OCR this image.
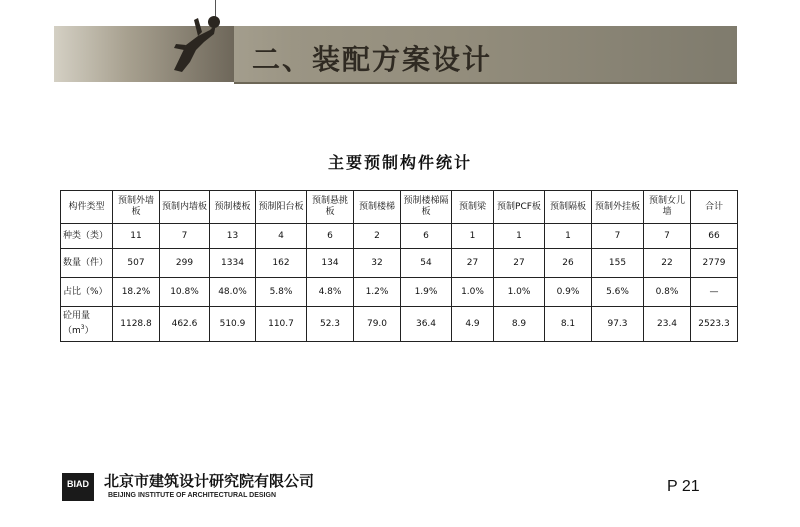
二、装配方案设计
主要预制构件统计
构件类型	预制外墙板	预制内墙板	预制楼板	预制阳台板	预制悬挑板	预制楼梯	预制楼梯隔板	预制梁	预制PCF板	预制隔板	预制外挂板	预制女儿墙	合计
种类（类）	11	7	13	4	6	2	6	1	1	1	7	7	66
数量（件）	507	299	1334	162	134	32	54	27	27	26	155	22	2779
占比（%）	18.2%	10.8%	48.0%	5.8%	4.8%	1.2%	1.9%	1.0%	1.0%	0.9%	5.6%	0.8%	—
砼用量$(m^3)$	1128.8	462.6	510.9	110.7	52.3	79.0	36.4	4.9	8.9	8.1	97.3	23.4	2523.3
BIAD	北京市建筑设计研究院有限公司
BEIJING INSTITUTE OF ARCHITECTURAL DESIGN
P 21
